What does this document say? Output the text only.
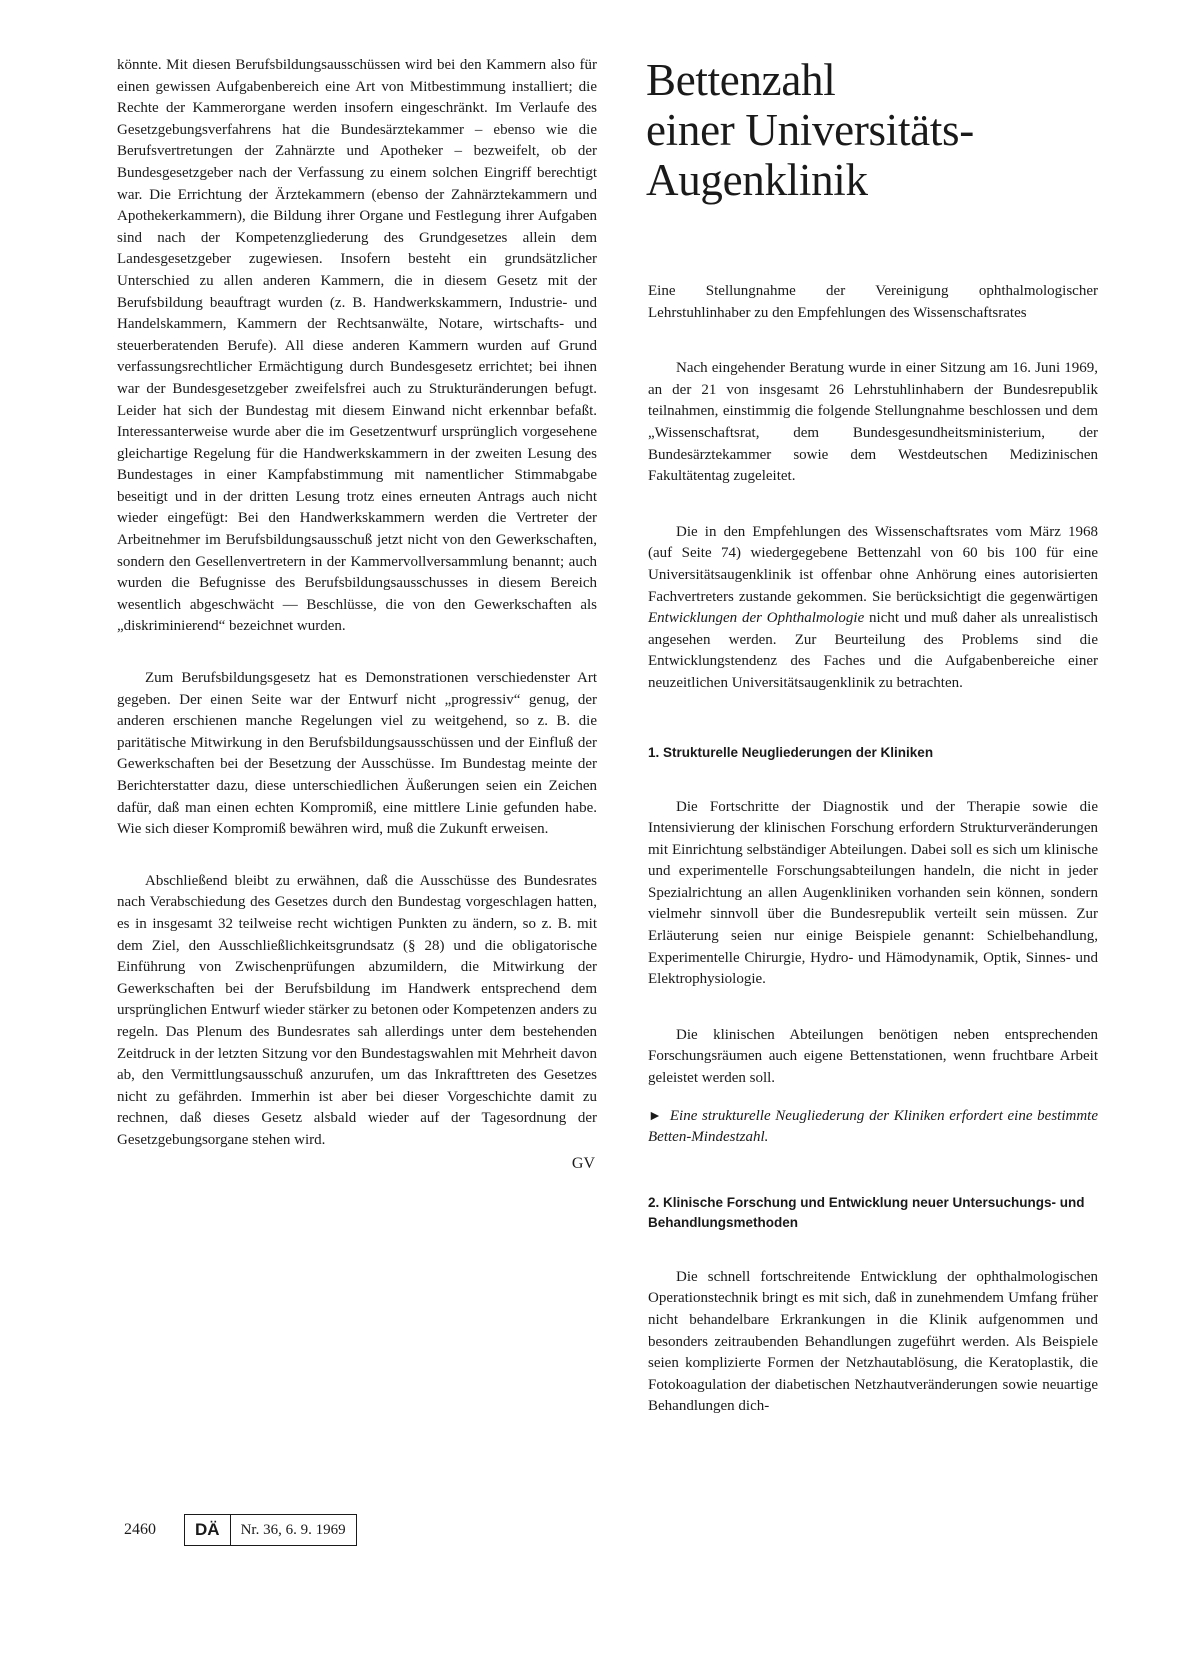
könnte. Mit diesen Berufsbildungsausschüssen wird bei den Kammern also für einen gewissen Aufgabenbereich eine Art von Mitbestimmung installiert; die Rechte der Kammerorgane werden insofern eingeschränkt. Im Verlaufe des Gesetzgebungsverfahrens hat die Bundesärztekammer – ebenso wie die Berufsvertretungen der Zahnärzte und Apotheker – bezweifelt, ob der Bundesgesetzgeber nach der Verfassung zu einem solchen Eingriff berechtigt war. Die Errichtung der Ärztekammern (ebenso der Zahnärztekammern und Apothekerkammern), die Bildung ihrer Organe und Festlegung ihrer Aufgaben sind nach der Kompetenzgliederung des Grundgesetzes allein dem Landesgesetzgeber zugewiesen. Insofern besteht ein grundsätzlicher Unterschied zu allen anderen Kammern, die in diesem Gesetz mit der Berufsbildung beauftragt wurden (z. B. Handwerkskammern, Industrie- und Handelskammern, Kammern der Rechtsanwälte, Notare, wirtschafts- und steuerberatenden Berufe). All diese anderen Kammern wurden auf Grund verfassungsrechtlicher Ermächtigung durch Bundesgesetz errichtet; bei ihnen war der Bundesgesetzgeber zweifelsfrei auch zu Strukturänderungen befugt. Leider hat sich der Bundestag mit diesem Einwand nicht erkennbar befaßt. Interessanterweise wurde aber die im Gesetzentwurf ursprünglich vorgesehene gleichartige Regelung für die Handwerkskammern in der zweiten Lesung des Bundestages in einer Kampfabstimmung mit namentlicher Stimmabgabe beseitigt und in der dritten Lesung trotz eines erneuten Antrags auch nicht wieder eingefügt: Bei den Handwerkskammern werden die Vertreter der Arbeitnehmer im Berufsbildungsausschuß jetzt nicht von den Gewerkschaften, sondern den Gesellenvertretern in der Kammervollversammlung benannt; auch wurden die Befugnisse des Berufsbildungsausschusses in diesem Bereich wesentlich abgeschwächt — Beschlüsse, die von den Gewerkschaften als „diskriminierend“ bezeichnet wurden.

Zum Berufsbildungsgesetz hat es Demonstrationen verschiedenster Art gegeben. Der einen Seite war der Entwurf nicht „progressiv“ genug, der anderen erschienen manche Regelungen viel zu weitgehend, so z. B. die paritätische Mitwirkung in den Berufsbildungsausschüssen und der Einfluß der Gewerkschaften bei der Besetzung der Ausschüsse. Im Bundestag meinte der Berichterstatter dazu, diese unterschiedlichen Äußerungen seien ein Zeichen dafür, daß man einen echten Kompromiß, eine mittlere Linie gefunden habe. Wie sich dieser Kompromiß bewähren wird, muß die Zukunft erweisen.

Abschließend bleibt zu erwähnen, daß die Ausschüsse des Bundesrates nach Verabschiedung des Gesetzes durch den Bundestag vorgeschlagen hatten, es in insgesamt 32 teilweise recht wichtigen Punkten zu ändern, so z. B. mit dem Ziel, den Ausschließlichkeitsgrundsatz (§ 28) und die obligatorische Einführung von Zwischenprüfungen abzumildern, die Mitwirkung der Gewerkschaften bei der Berufsbildung im Handwerk entsprechend dem ursprünglichen Entwurf wieder stärker zu betonen oder Kompetenzen anders zu regeln. Das Plenum des Bundesrates sah allerdings unter dem bestehenden Zeitdruck in der letzten Sitzung vor den Bundestagswahlen mit Mehrheit davon ab, den Vermittlungsausschuß anzurufen, um das Inkrafttreten des Gesetzes nicht zu gefährden. Immerhin ist aber bei dieser Vorgeschichte damit zu rechnen, daß dieses Gesetz alsbald wieder auf der Tagesordnung der Gesetzgebungsorgane stehen wird.

GV
Bettenzahl
einer Universitäts-
Augenklinik

Eine Stellungnahme der Vereinigung ophthalmologischer Lehrstuhlinhaber zu den Empfehlungen des Wissenschaftsrates

Nach eingehender Beratung wurde in einer Sitzung am 16. Juni 1969, an der 21 von insgesamt 26 Lehrstuhlinhabern der Bundesrepublik teilnahmen, einstimmig die folgende Stellungnahme beschlossen und dem „Wissenschaftsrat, dem Bundesgesundheitsministerium, der Bundesärztekammer sowie dem Westdeutschen Medizinischen Fakultätentag zugeleitet.

Die in den Empfehlungen des Wissenschaftsrates vom März 1968 (auf Seite 74) wiedergegebene Bettenzahl von 60 bis 100 für eine Universitätsaugenklinik ist offenbar ohne Anhörung eines autorisierten Fachvertreters zustande gekommen. Sie berücksichtigt die gegenwärtigen Entwicklungen der Ophthalmologie nicht und muß daher als unrealistisch angesehen werden. Zur Beurteilung des Problems sind die Entwicklungstendenz des Faches und die Aufgabenbereiche einer neuzeitlichen Universitätsaugenklinik zu betrachten.

1. Strukturelle Neugliederungen der Kliniken

Die Fortschritte der Diagnostik und der Therapie sowie die Intensivierung der klinischen Forschung erfordern Strukturveränderungen mit Einrichtung selbständiger Abteilungen. Dabei soll es sich um klinische und experimentelle Forschungsabteilungen handeln, die nicht in jeder Spezialrichtung an allen Augenkliniken vorhanden sein können, sondern vielmehr sinnvoll über die Bundesrepublik verteilt sein müssen. Zur Erläuterung seien nur einige Beispiele genannt: Schielbehandlung, Experimentelle Chirurgie, Hydro- und Hämodynamik, Optik, Sinnes- und Elektrophysiologie.

Die klinischen Abteilungen benötigen neben entsprechenden Forschungsräumen auch eigene Bettenstationen, wenn fruchtbare Arbeit geleistet werden soll.

► Eine strukturelle Neugliederung der Kliniken erfordert eine bestimmte Betten-Mindestzahl.

2. Klinische Forschung und Entwicklung neuer Untersuchungs- und Behandlungsmethoden

Die schnell fortschreitende Entwicklung der ophthalmologischen Operationstechnik bringt es mit sich, daß in zunehmendem Umfang früher nicht behandelbare Erkrankungen in die Klinik aufgenommen und besonders zeitraubenden Behandlungen zugeführt werden. Als Beispiele seien komplizierte Formen der Netzhautablösung, die Keratoplastik, die Fotokoagulation der diabetischen Netzhautveränderungen sowie neuartige Behandlungen dich-

2460	DÄ	Nr. 36, 6. 9. 1969
